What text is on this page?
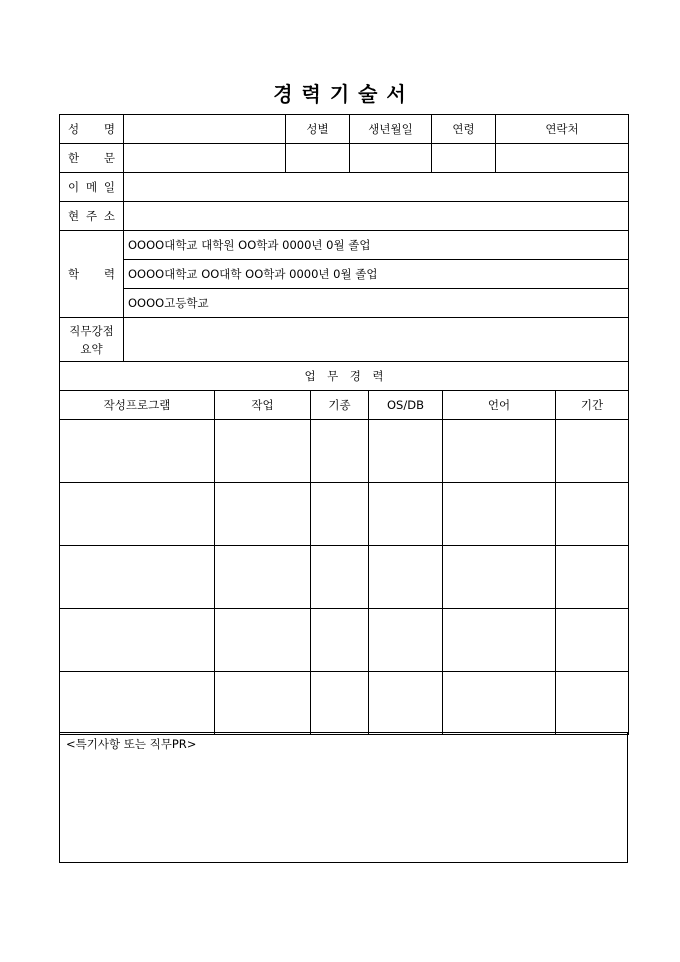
경 력 기 술 서
성　　명		성별	생년월일	연령	연락처
한　　문					
이 메 일					
현 주 소					
학　　력	OOOO대학교 대학원 OO학과 0000년 0월 졸업				
	OOOO대학교 OO대학 OO학과 0000년 0월 졸업				
	OOOO고등학교				
직무강점 요약					
업　무　경　력					
작성프로그램	작업	기종	OS/DB	언어	기간

<특기사항 또는 직무PR>
